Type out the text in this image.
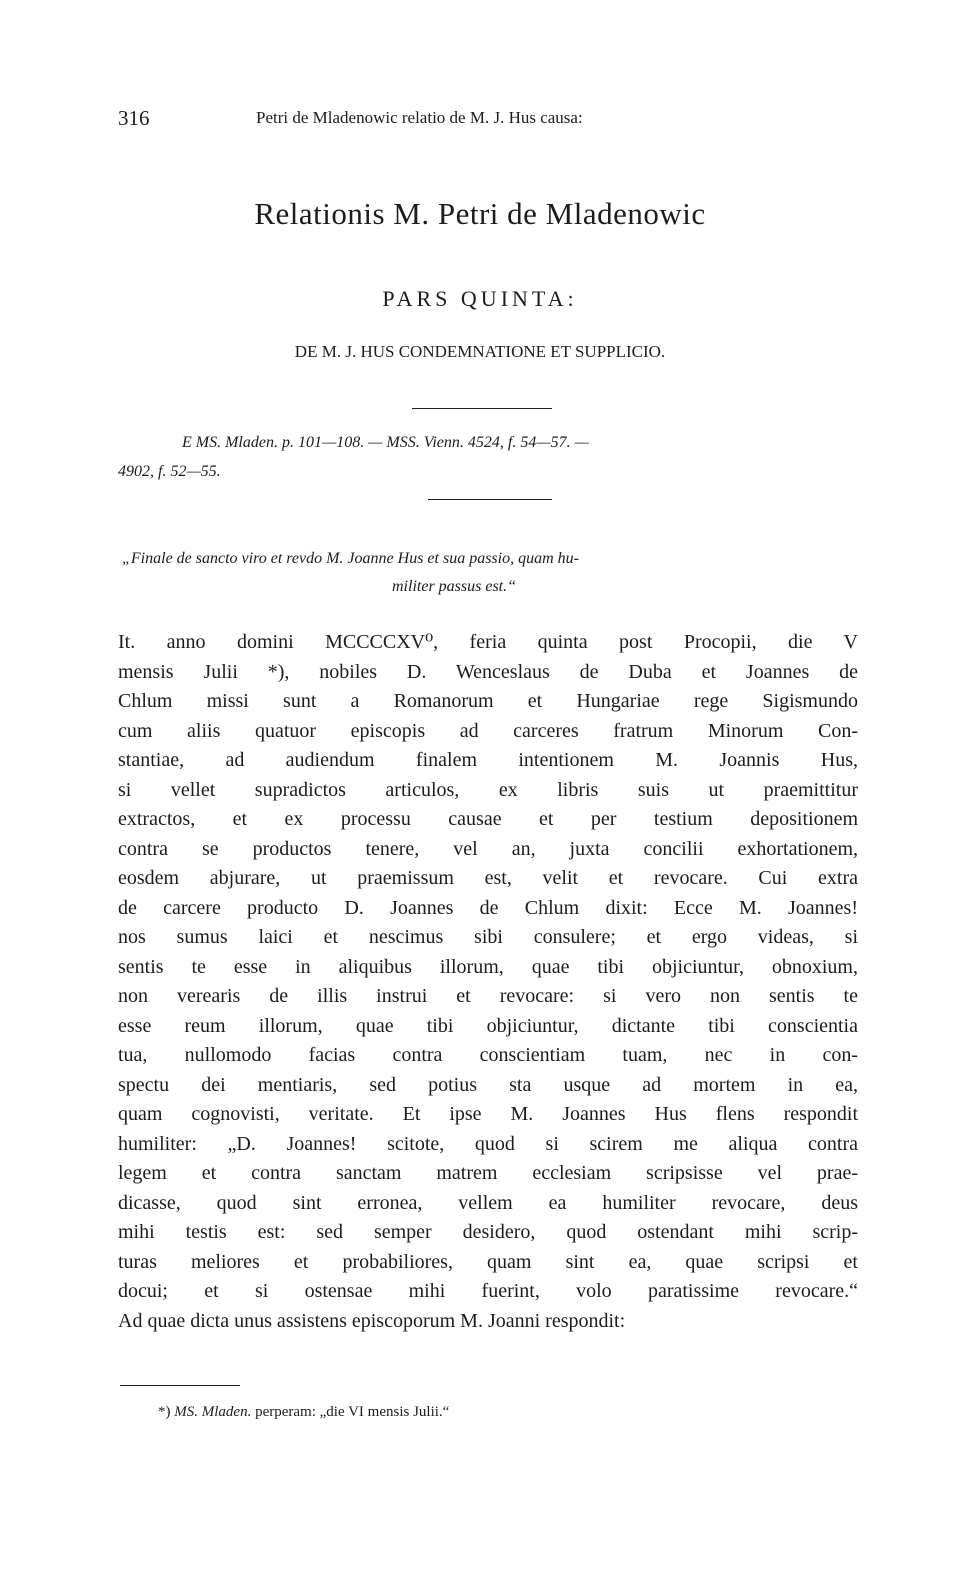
316	Petri de Mladenowic relatio de M. J. Hus causa:
Relationis M. Petri de Mladenowic
PARS QUINTA:
DE M. J. HUS CONDEMNATIONE ET SUPPLICIO.
E MS. Mladen. p. 101—108. — MSS. Vienn. 4524, f. 54—57. —
4902, f. 52—55.
„Finale de sancto viro et revdo M. Joanne Hus et sua passio, quam hu-
militer passus est.“
It. anno domini MCCCCXV⁰, feria quinta post Procopii, die V
mensis Julii *), nobiles D. Wenceslaus de Duba et Joannes de
Chlum missi sunt a Romanorum et Hungariae rege Sigismundo
cum aliis quatuor episcopis ad carceres fratrum Minorum Con-
stantiae, ad audiendum finalem intentionem M. Joannis Hus,
si vellet supradictos articulos, ex libris suis ut praemittitur
extractos, et ex processu causae et per testium depositionem
contra se productos tenere, vel an, juxta concilii exhortationem,
eosdem abjurare, ut praemissum est, velit et revocare. Cui extra
de carcere producto D. Joannes de Chlum dixit: Ecce M. Joannes!
nos sumus laici et nescimus sibi consulere; et ergo videas, si
sentis te esse in aliquibus illorum, quae tibi objiciuntur, obnoxium,
non verearis de illis instrui et revocare: si vero non sentis te
esse reum illorum, quae tibi objiciuntur, dictante tibi conscientia
tua, nullomodo facias contra conscientiam tuam, nec in con-
spectu dei mentiaris, sed potius sta usque ad mortem in ea,
quam cognovisti, veritate. Et ipse M. Joannes Hus flens respondit
humiliter: „D. Joannes! scitote, quod si scirem me aliqua contra
legem et contra sanctam matrem ecclesiam scripsisse vel prae-
dicasse, quod sint erronea, vellem ea humiliter revocare, deus
mihi testis est: sed semper desidero, quod ostendant mihi scrip-
turas meliores et probabiliores, quam sint ea, quae scripsi et
docui; et si ostensae mihi fuerint, volo paratissime revocare.“
Ad quae dicta unus assistens episcoporum M. Joanni respondit:
*) MS. Mladen. perperam: „die VI mensis Julii.“
